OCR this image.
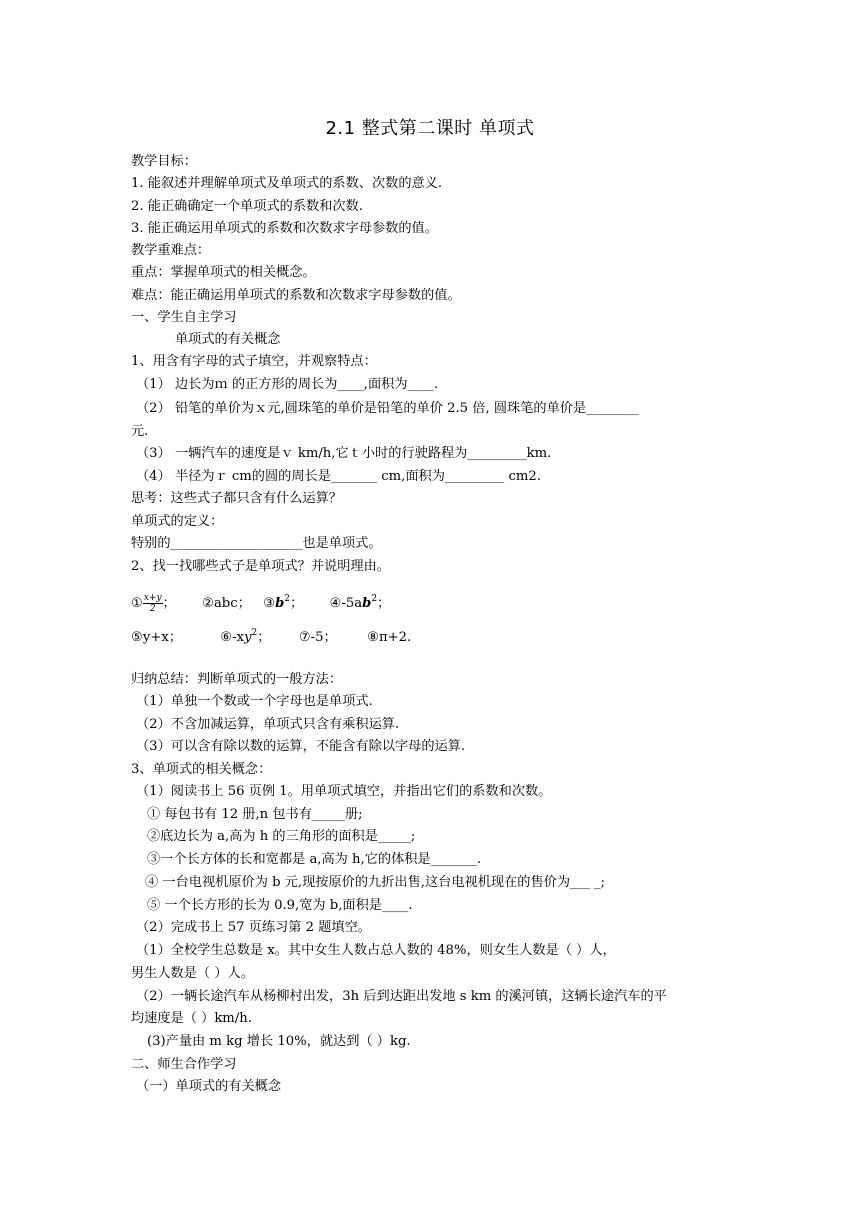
2.1 整式第二课时 单项式
教学目标：
1. 能叙述并理解单项式及单项式的系数、次数的意义.
2. 能正确确定一个单项式的系数和次数.
3. 能正确运用单项式的系数和次数求字母参数的值。
教学重难点：
重点：掌握单项式的相关概念。
难点：能正确运用单项式的系数和次数求字母参数的值。
一、学生自主学习
单项式的有关概念
1、用含有字母的式子填空，并观察特点：
（1） 边长为ｍ 的正方形的周长为____,面积为____.
（2） 铅笔的单价为ｘ元,圆珠笔的单价是铅笔的单价 2.5 倍, 圆珠笔的单价是________
元.
（3） 一辆汽车的速度是ｖ km/h,它ｔ小时的行驶路程为_________km.
（4） 半径为ｒ cm的圆的周长是_______ cm,面积为_________ cm2.
思考：这些式子都只含有什么运算？
单项式的定义：
特别的____________________也是单项式。
2、找一找哪些式子是单项式？并说明理由。
① $\frac{x+y}{2}$ ； ②abc； $③b^2$； $④-5ab^2$；
⑤y+x；	$⑥-xy^2$； ⑦-5； ⑧π+2.
归纳总结：判断单项式的一般方法：
（1）单独一个数或一个字母也是单项式.
（2）不含加减运算，单项式只含有乘积运算.
（3）可以含有除以数的运算，不能含有除以字母的运算.
3、单项式的相关概念：
（1）阅读书上 56 页例 1。用单项式填空，并指出它们的系数和次数。
① 每包书有 12 册,n 包书有_____册;
②底边长为 a,高为 h 的三角形的面积是_____;
③一个长方体的长和宽都是 a,高为 h,它的体积是_______.
④ 一台电视机原价为 b 元,现按原价的九折出售,这台电视机现在的售价为___ _;
⑤ 一个长方形的长为 0.9,宽为 b,面积是____.
（2）完成书上 57 页练习第 2 题填空。
（1）全校学生总数是 x。其中女生人数占总人数的 48%，则女生人数是（ ）人，
男生人数是（ ）人。
（2）一辆长途汽车从杨柳村出发，3h 后到达距出发地 s km 的溪河镇，这辆长途汽车的平
均速度是（ ）km/h.
(3)产量由 m kg 增长 10%，就达到（ ）kg.
二、师生合作学习
（一）单项式的有关概念
